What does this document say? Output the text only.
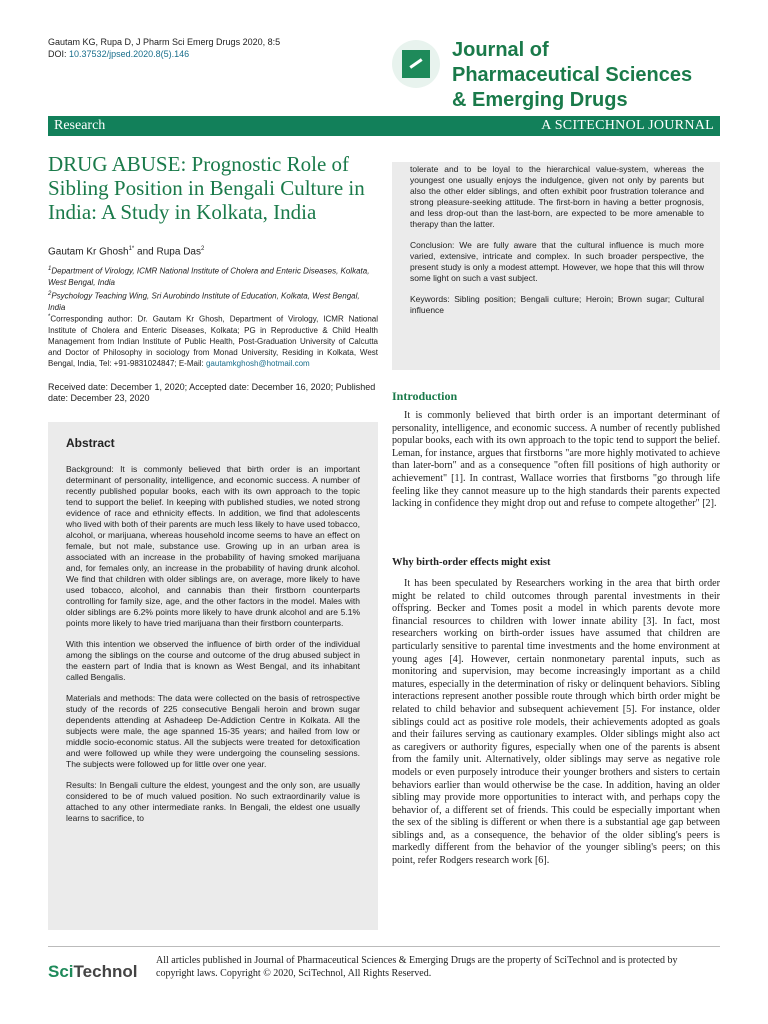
Gautam KG, Rupa D, J Pharm Sci Emerg Drugs 2020, 8:5
DOI: 10.37532/jpsed.2020.8(5).146	Journal of
Pharmaceutical Sciences
& Emerging Drugs
Research	A SCITECHNOL JOURNAL
DRUG ABUSE: Prognostic Role of Sibling Position in Bengali Culture in India: A Study in Kolkata, India
Gautam Kr Ghosh$^{1*}$ and Rupa Das$^2$
$^1$Department of Virology, ICMR National Institute of Cholera and Enteric Diseases, Kolkata, West Bengal, India
$^2$Psychology Teaching Wing, Sri Aurobindo Institute of Education, Kolkata, West Bengal, India
*Corresponding author: Dr. Gautam Kr Ghosh, Department of Virology, ICMR National Institute of Cholera and Enteric Diseases, Kolkata; PG in Reproductive & Child Health Management from Indian Institute of Public Health, Post-Graduation University of Calcutta and Doctor of Philosophy in sociology from Monad University, Residing in Kolkata, West Bengal, India, Tel: +91-9831024847; E-Mail: gautamkghosh@hotmail.com
Received date: December 1, 2020; Accepted date: December 16, 2020; Published date: December 23, 2020
Abstract

Background: It is commonly believed that birth order is an important determinant of personality, intelligence, and economic success. A number of recently published popular books, each with its own approach to the topic tend to support the belief. In keeping with published studies, we noted strong evidence of race and ethnicity effects. In addition, we find that adolescents who lived with both of their parents are much less likely to have used tobacco, alcohol, or marijuana, whereas household income seems to have an effect on female, but not male, substance use. Growing up in an urban area is associated with an increase in the probability of having smoked marijuana and, for females only, an increase in the probability of having drunk alcohol. We find that children with older siblings are, on average, more likely to have used tobacco, alcohol, and cannabis than their firstborn counterparts controlling for family size, age, and the other factors in the model. Males with older siblings are 6.2% points more likely to have drunk alcohol and are 5.1% points more likely to have tried marijuana than their firstborn counterparts.

With this intention we observed the influence of birth order of the individual among the siblings on the course and outcome of the drug abused subject in the eastern part of India that is known as West Bengal, and its inhabitant called Bengalis.

Materials and methods: The data were collected on the basis of retrospective study of the records of 225 consecutive Bengali heroin and brown sugar dependents attending at Ashadeep De-Addiction Centre in Kolkata. All the subjects were male, the age spanned 15-35 years; and hailed from low or middle socio-economic status. All the subjects were treated for detoxification and were followed up while they were undergoing the counseling sessions. The subjects were followed up for little over one year.

Results: In Bengali culture the eldest, youngest and the only son, are usually considered to be of much valued position. No such extraordinarily value is attached to any other intermediate ranks. In Bengali, the eldest one usually learns to sacrifice, to

tolerate and to be loyal to the hierarchical value-system, whereas the youngest one usually enjoys the indulgence, given not only by parents but also the other elder siblings, and often exhibit poor frustration tolerance and strong pleasure-seeking attitude. The first-born in having a better prognosis, and less drop-out than the last-born, are expected to be more amenable to therapy than the latter.

Conclusion: We are fully aware that the cultural influence is much more varied, extensive, intricate and complex. In such broader perspective, the present study is only a modest attempt. However, we hope that this will throw some light on such a vast subject.

Keywords: Sibling position; Bengali culture; Heroin; Brown sugar; Cultural influence

Introduction

It is commonly believed that birth order is an important determinant of personality, intelligence, and economic success. A number of recently published popular books, each with its own approach to the topic tend to support the belief. Leman, for instance, argues that firstborns "are more highly motivated to achieve than later-born" and as a consequence "often fill positions of high authority or achievement" [1]. In contrast, Wallace worries that firstborns "go through life feeling like they cannot measure up to the high standards their parents expected lacking in confidence they might drop out and refuse to compete altogether" [2].

Why birth-order effects might exist

It has been speculated by Researchers working in the area that birth order might be related to child outcomes through parental investments in their offspring. Becker and Tomes posit a model in which parents devote more financial resources to children with lower innate ability [3]. In fact, most researchers working on birth-order issues have assumed that children are particularly sensitive to parental time investments and the home environment at young ages [4]. However, certain nonmonetary parental inputs, such as monitoring and supervision, may become increasingly important as a child matures, especially in the determination of risky or delinquent behaviors. Sibling interactions represent another possible route through which birth order might be related to child behavior and subsequent achievement [5]. For instance, older siblings could act as positive role models, their achievements adopted as goals and their failures serving as cautionary examples. Older siblings might also act as caregivers or authority figures, especially when one of the parents is absent from the family unit. Alternatively, older siblings may serve as negative role models or even purposely introduce their younger brothers and sisters to certain behaviors earlier than would otherwise be the case. In addition, having an older sibling may provide more opportunities to interact with, and perhaps copy the behavior of, a different set of friends. This could be especially important when the sex of the sibling is different or when there is a substantial age gap between siblings and, as a consequence, the behavior of the older sibling's peers is markedly different from the behavior of the younger sibling's peers; on this point, refer Rodgers research work [6].

SciTechnol
All articles published in Journal of Pharmaceutical Sciences & Emerging Drugs are the property of SciTechnol and is protected by copyright laws. Copyright © 2020, SciTechnol, All Rights Reserved.
